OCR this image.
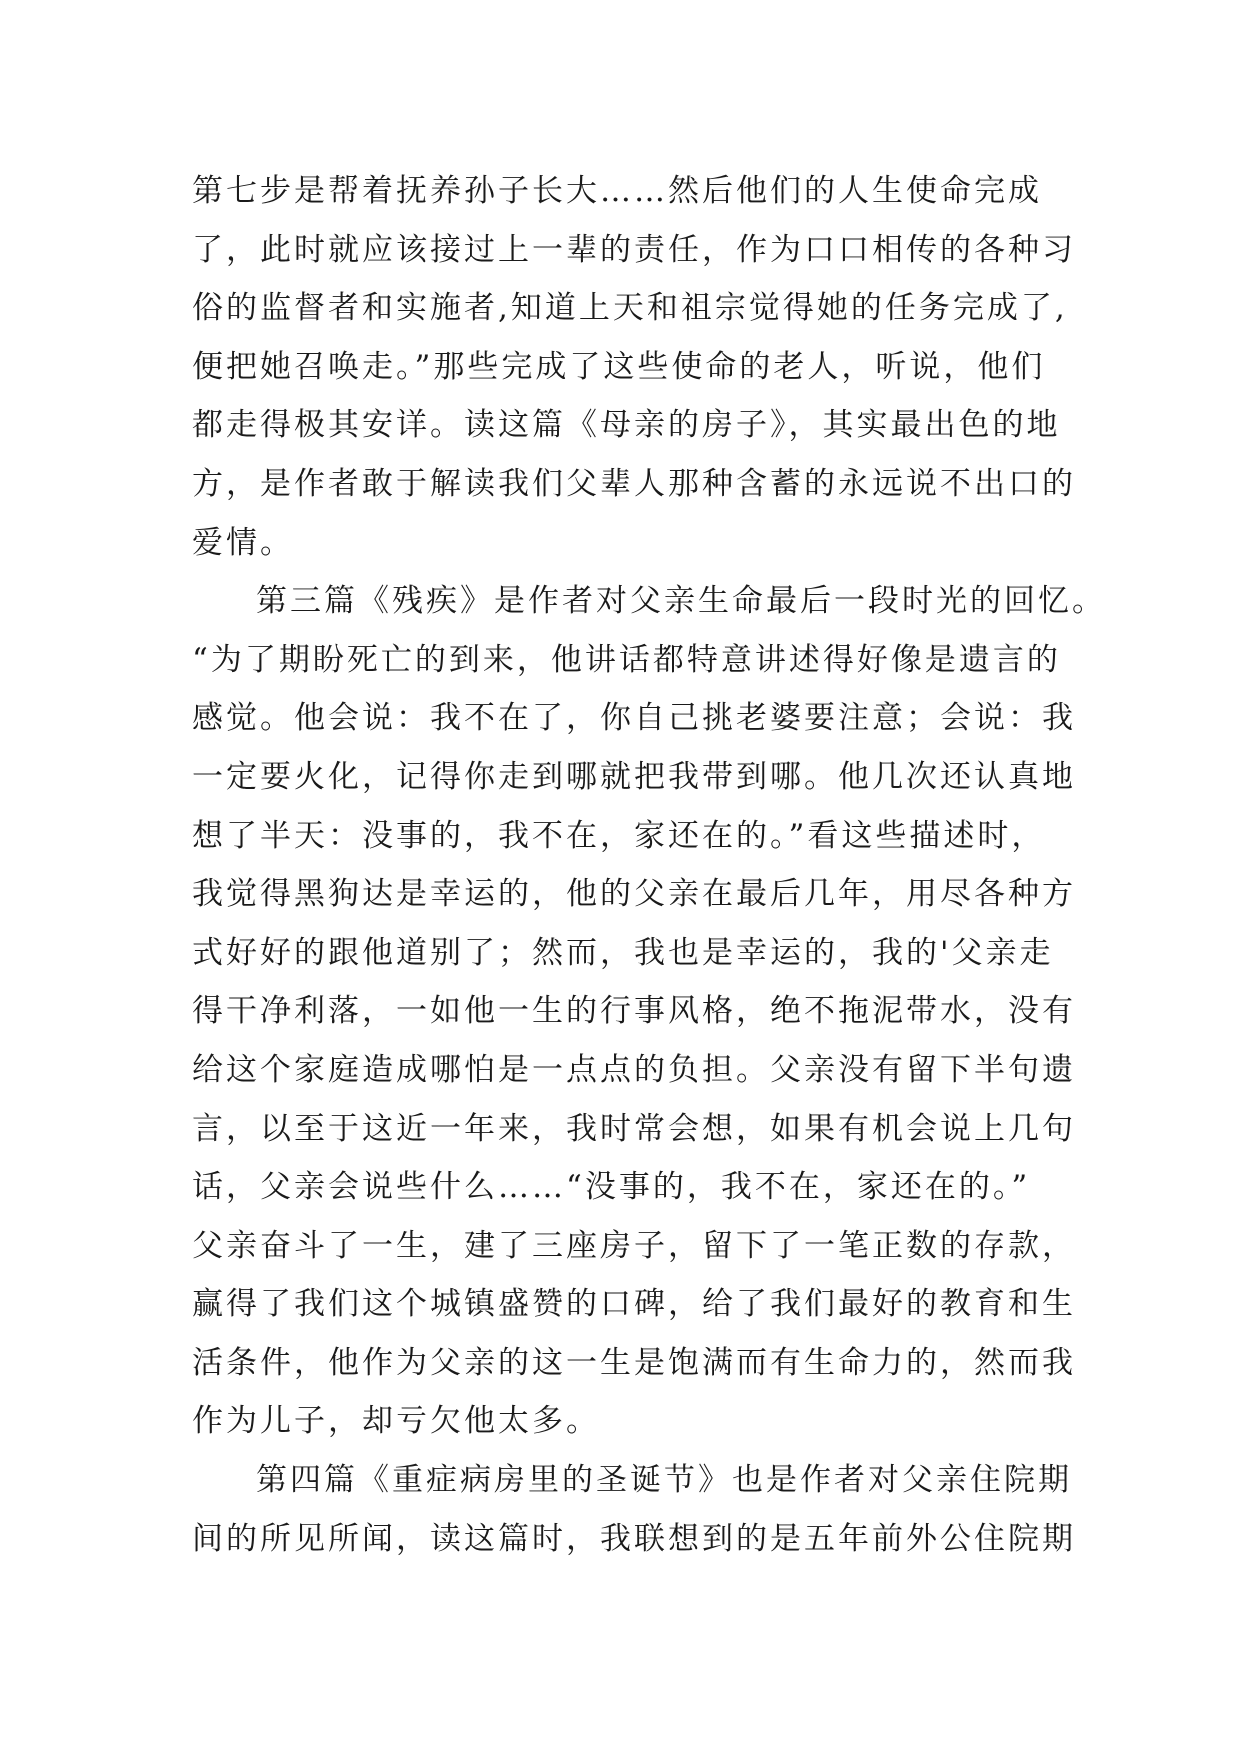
第七步是帮着抚养孙子长大……然后他们的人生使命完成
了，此时就应该接过上一辈的责任，作为口口相传的各种习
俗的监督者和实施者,知道上天和祖宗觉得她的任务完成了,
便把她召唤走。”那些完成了这些使命的老人，听说，他们
都走得极其安详。读这篇《母亲的房子》，其实最出色的地
方，是作者敢于解读我们父辈人那种含蓄的永远说不出口的
爱情。
第三篇《残疾》是作者对父亲生命最后一段时光的回忆。
“为了期盼死亡的到来，他讲话都特意讲述得好像是遗言的
感觉。他会说：我不在了，你自己挑老婆要注意；会说：我
一定要火化，记得你走到哪就把我带到哪。他几次还认真地
想了半天：没事的，我不在，家还在的。”看这些描述时，
我觉得黑狗达是幸运的，他的父亲在最后几年，用尽各种方
式好好的跟他道别了；然而，我也是幸运的，我的'父亲走
得干净利落，一如他一生的行事风格，绝不拖泥带水，没有
给这个家庭造成哪怕是一点点的负担。父亲没有留下半句遗
言，以至于这近一年来，我时常会想，如果有机会说上几句
话，父亲会说些什么……“没事的，我不在，家还在的。”
父亲奋斗了一生，建了三座房子，留下了一笔正数的存款，
赢得了我们这个城镇盛赞的口碑，给了我们最好的教育和生
活条件，他作为父亲的这一生是饱满而有生命力的，然而我
作为儿子，却亏欠他太多。
第四篇《重症病房里的圣诞节》也是作者对父亲住院期
间的所见所闻，读这篇时，我联想到的是五年前外公住院期
